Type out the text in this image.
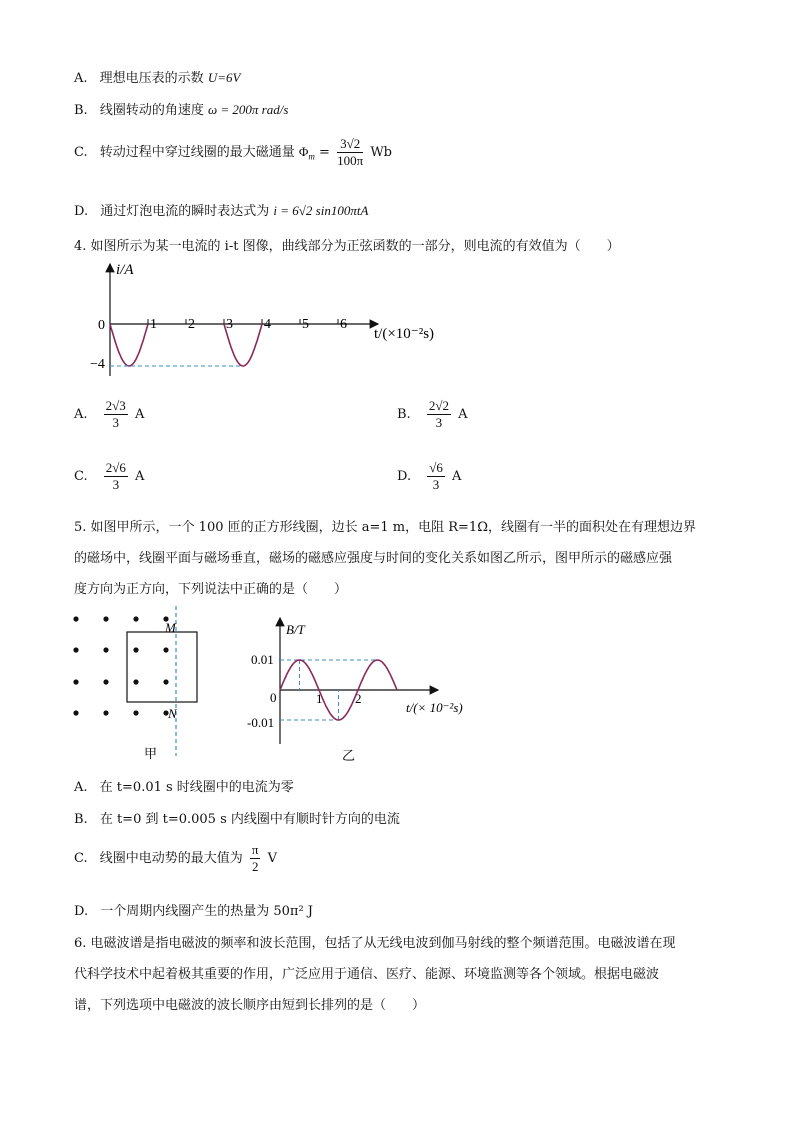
A. 理想电压表的示数 U=6V
B. 线圈转动的角速度 ω = 200π rad/s
C. 转动过程中穿过线圈的最大磁通量 $\Phi_m = \frac{3√2}{100\pi}$ Wb
D. 通过灯泡电流的瞬时表达式为 i = 6√2 sin100πtA
4. 如图所示为某一电流的 i-t 图像，曲线部分为正弦函数的一部分，则电流的有效值为（　　）
i/A
0
−4
t/(×10⁻²s)
1 2 3 4 5 6
A. $\frac{2√3}{3}$ A	B. $\frac{2√2}{3}$ A
C. $\frac{2√6}{3}$ A	D. $\frac{√6}{3}$ A
5. 如图甲所示，一个 100 匝的正方形线圈，边长 a=1 m，电阻 R=1Ω，线圈有一半的面积处在有理想边界
的磁场中，线圈平面与磁场垂直，磁场的磁感应强度与时间的变化关系如图乙所示，图甲所示的磁感应强
度方向为正方向，下列说法中正确的是（　　）
M
N
甲
B/T
0
0.01
-0.01
t/(× 10⁻²s)
1	2
乙
A. 在 t=0.01 s 时线圈中的电流为零
B. 在 t=0 到 t=0.005 s 内线圈中有顺时针方向的电流
C. 线圈中电动势的最大值为 $\frac{\pi}{2}$ V
D. 一个周期内线圈产生的热量为 50π² J
6. 电磁波谱是指电磁波的频率和波长范围，包括了从无线电波到伽马射线的整个频谱范围。电磁波谱在现
代科学技术中起着极其重要的作用，广泛应用于通信、医疗、能源、环境监测等各个领域。根据电磁波
谱，下列选项中电磁波的波长顺序由短到长排列的是（　　）
